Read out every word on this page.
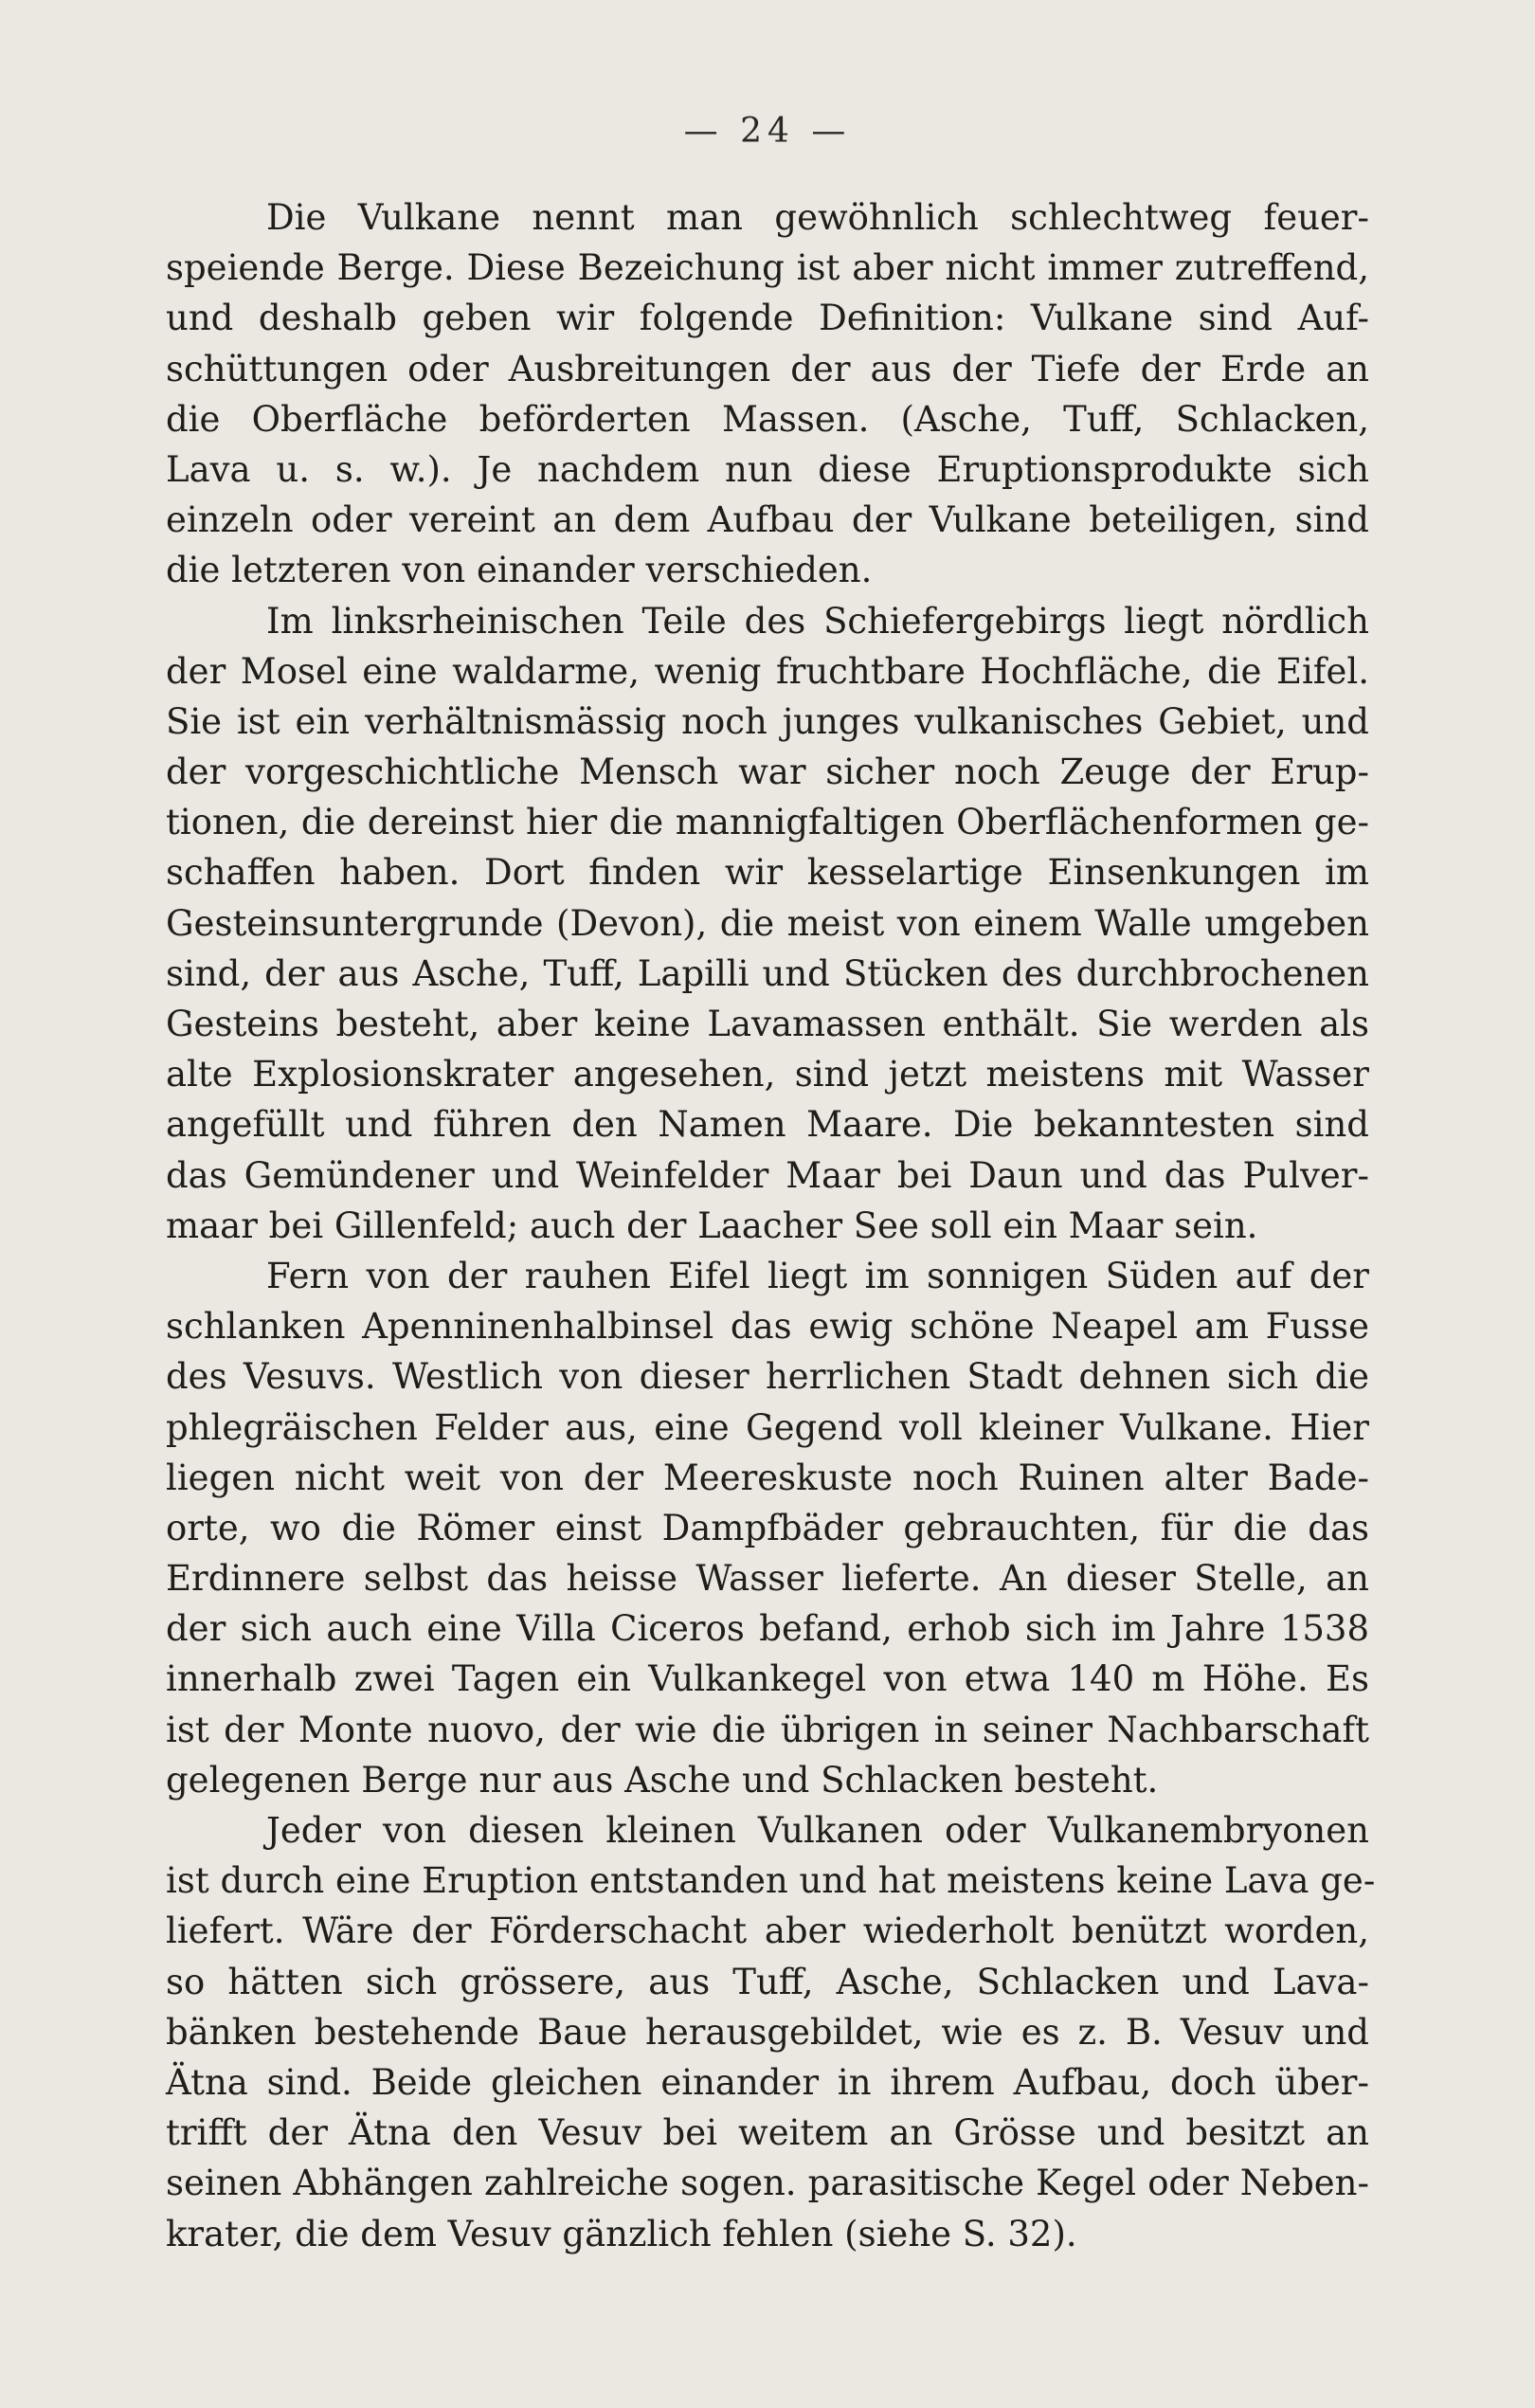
— 24 —
Die Vulkane nennt man gewöhnlich schlechtweg feuer-
speiende Berge. Diese Bezeichung ist aber nicht immer zutreffend,
und deshalb geben wir folgende Definition: Vulkane sind Auf-
schüttungen oder Ausbreitungen der aus der Tiefe der Erde an
die Oberfläche beförderten Massen. (Asche, Tuff, Schlacken,
Lava u. s. w.). Je nachdem nun diese Eruptionsprodukte sich
einzeln oder vereint an dem Aufbau der Vulkane beteiligen, sind
die letzteren von einander verschieden.
Im linksrheinischen Teile des Schiefergebirgs liegt nördlich
der Mosel eine waldarme, wenig fruchtbare Hochfläche, die Eifel.
Sie ist ein verhältnismässig noch junges vulkanisches Gebiet, und
der vorgeschichtliche Mensch war sicher noch Zeuge der Erup-
tionen, die dereinst hier die mannigfaltigen Oberflächenformen ge-
schaffen haben. Dort finden wir kesselartige Einsenkungen im
Gesteinsuntergrunde (Devon), die meist von einem Walle umgeben
sind, der aus Asche, Tuff, Lapilli und Stücken des durchbrochenen
Gesteins besteht, aber keine Lavamassen enthält. Sie werden als
alte Explosionskrater angesehen, sind jetzt meistens mit Wasser
angefüllt und führen den Namen Maare. Die bekanntesten sind
das Gemündener und Weinfelder Maar bei Daun und das Pulver-
maar bei Gillenfeld; auch der Laacher See soll ein Maar sein.
Fern von der rauhen Eifel liegt im sonnigen Süden auf der
schlanken Apenninenhalbinsel das ewig schöne Neapel am Fusse
des Vesuvs. Westlich von dieser herrlichen Stadt dehnen sich die
phlegräischen Felder aus, eine Gegend voll kleiner Vulkane. Hier
liegen nicht weit von der Meereskuste noch Ruinen alter Bade-
orte, wo die Römer einst Dampfbäder gebrauchten, für die das
Erdinnere selbst das heisse Wasser lieferte. An dieser Stelle, an
der sich auch eine Villa Ciceros befand, erhob sich im Jahre 1538
innerhalb zwei Tagen ein Vulkankegel von etwa 140 m Höhe. Es
ist der Monte nuovo, der wie die übrigen in seiner Nachbarschaft
gelegenen Berge nur aus Asche und Schlacken besteht.
Jeder von diesen kleinen Vulkanen oder Vulkanembryonen
ist durch eine Eruption entstanden und hat meistens keine Lava ge-
liefert. Wäre der Förderschacht aber wiederholt benützt worden,
so hätten sich grössere, aus Tuff, Asche, Schlacken und Lava-
bänken bestehende Baue herausgebildet, wie es z. B. Vesuv und
Ätna sind. Beide gleichen einander in ihrem Aufbau, doch über-
trifft der Ätna den Vesuv bei weitem an Grösse und besitzt an
seinen Abhängen zahlreiche sogen. parasitische Kegel oder Neben-
krater, die dem Vesuv gänzlich fehlen (siehe S. 32).
